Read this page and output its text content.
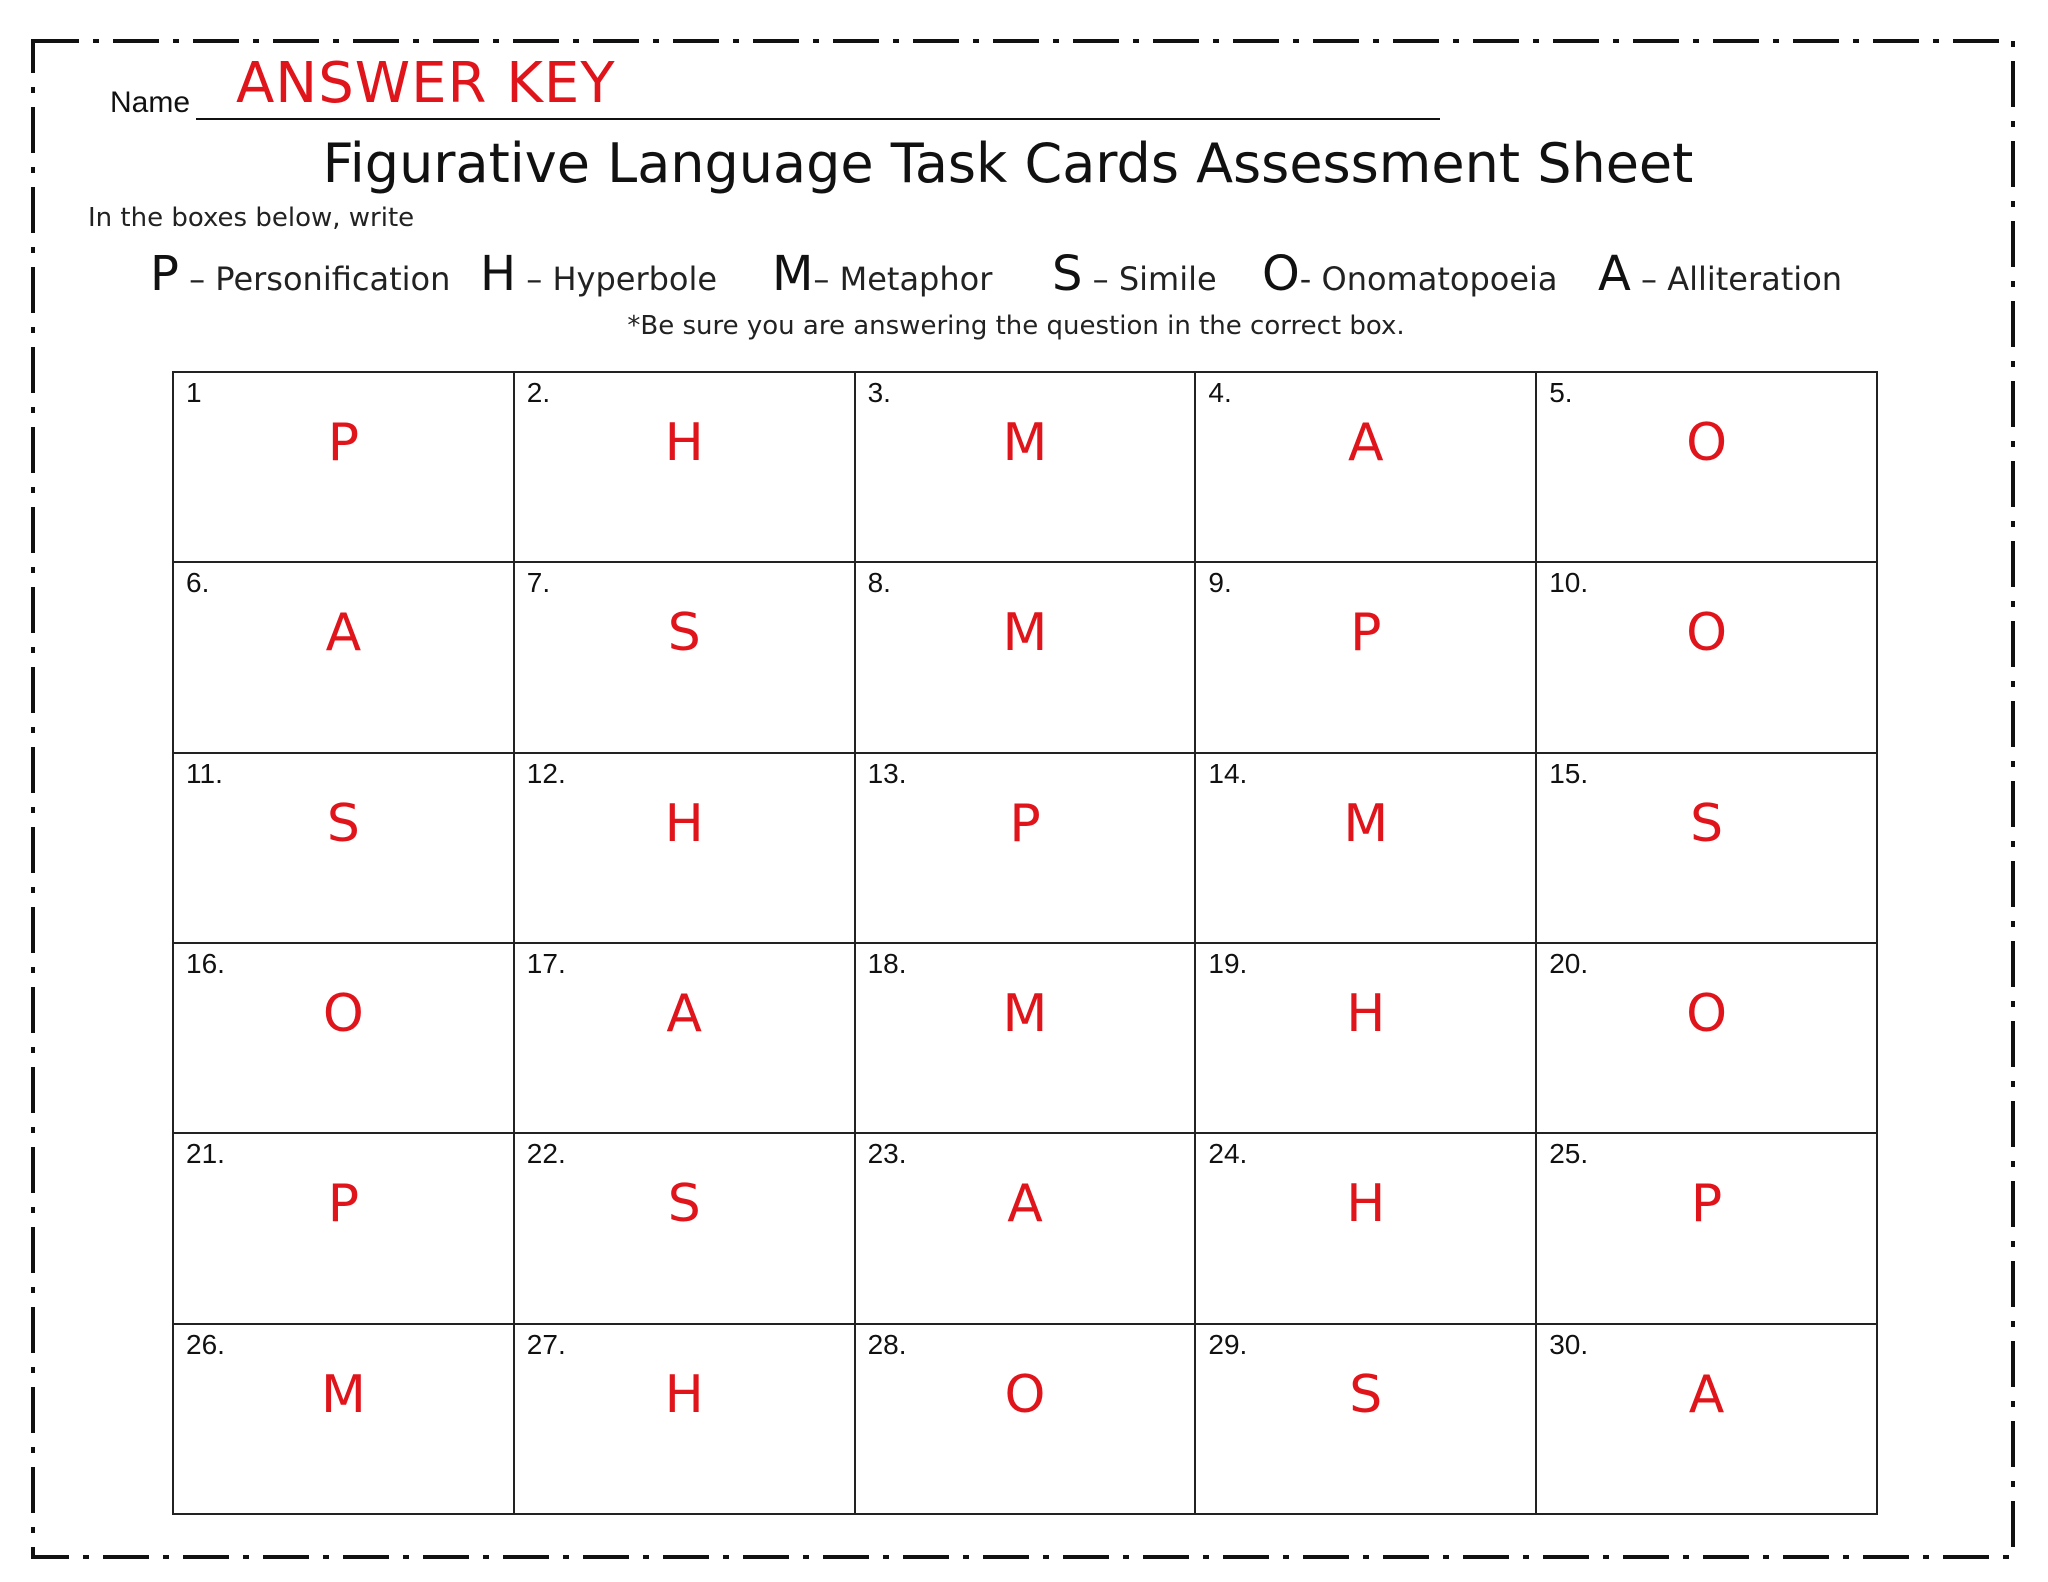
Name ANSWER KEY
Figurative Language Task Cards Assessment Sheet
In the boxes below, write
P – Personification H – Hyperbole M– Metaphor S – Simile O- Onomatopoeia A – Alliteration
*Be sure you are answering the question in the correct box.
1
P
2.
H
3.
M
4.
A
5.
O
6.
A
7.
S
8.
M
9.
P
10.
O
11.
S
12.
H
13.
P
14.
M
15.
S
16.
O
17.
A
18.
M
19.
H
20.
O
21.
P
22.
S
23.
A
24.
H
25.
P
26.
M
27.
H
28.
O
29.
S
30.
A
